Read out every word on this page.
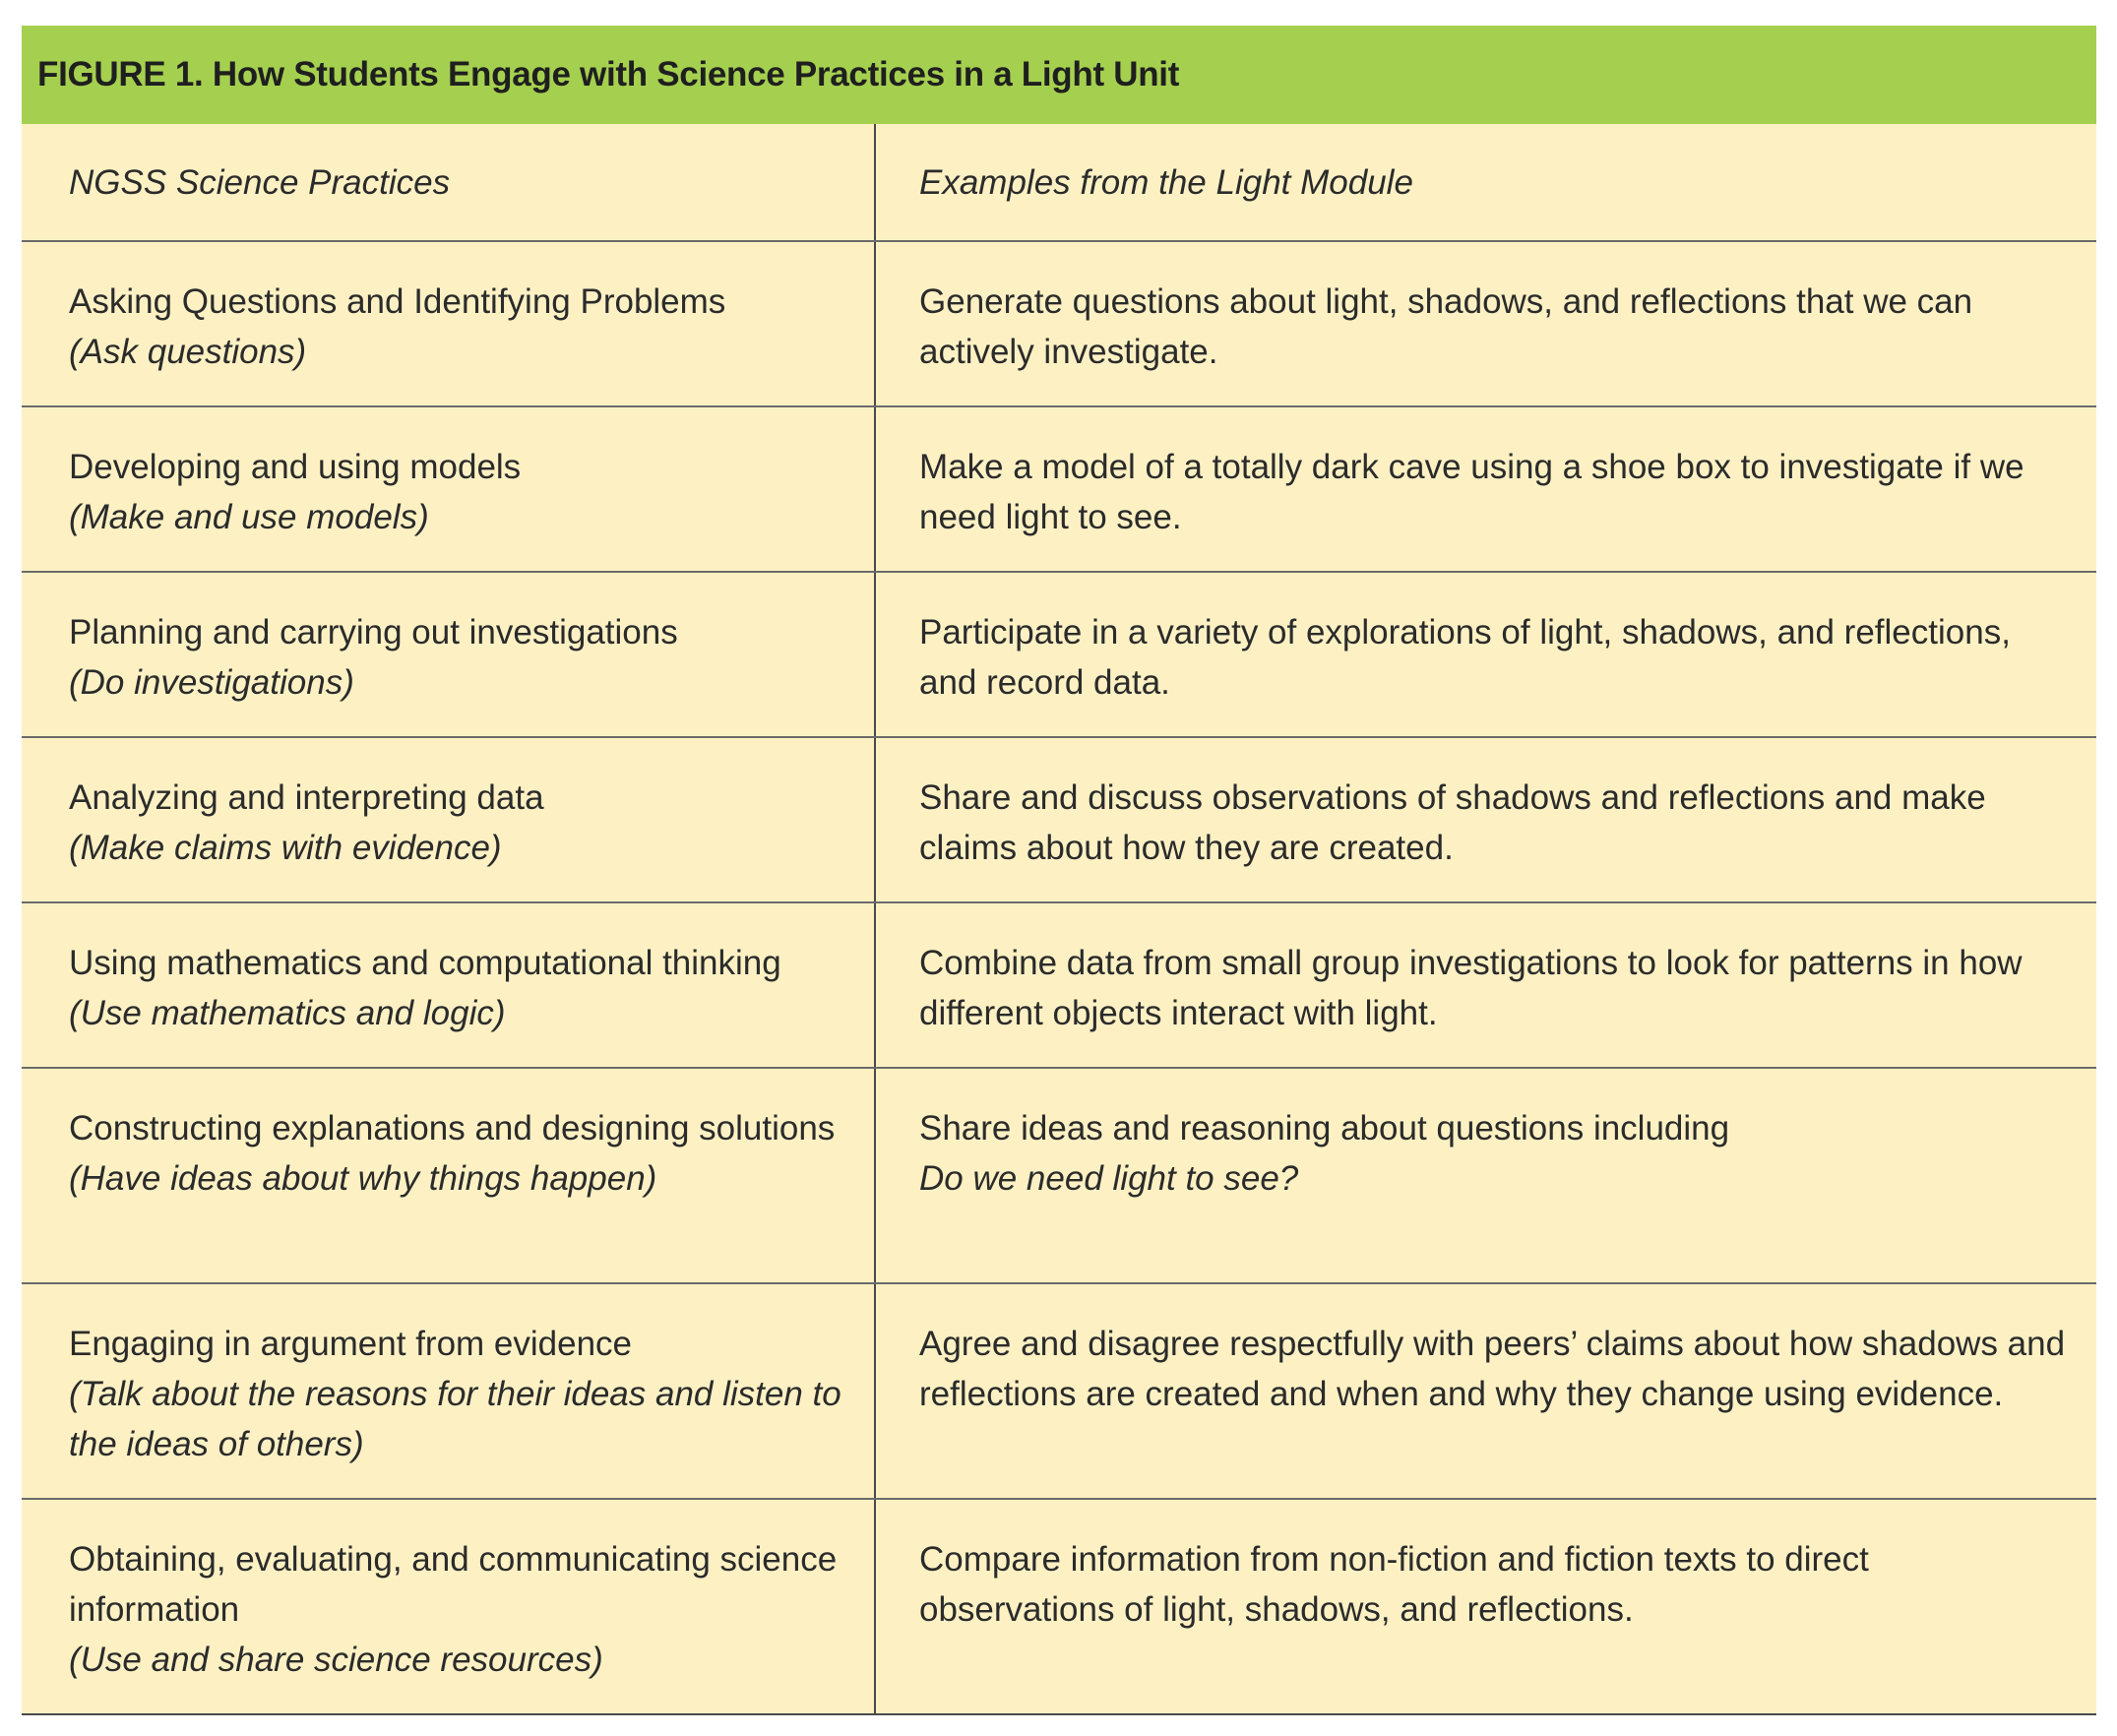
FIGURE 1. How Students Engage with Science Practices in a Light Unit
NGSS Science Practices	Examples from the Light Module

Asking Questions and Identifying Problems
(Ask questions)	Generate questions about light, shadows, and reflections that we can actively investigate.

Developing and using models
(Make and use models)	Make a model of a totally dark cave using a shoe box to investigate if we need light to see.

Planning and carrying out investigations
(Do investigations)	Participate in a variety of explorations of light, shadows, and reflections, and record data.

Analyzing and interpreting data
(Make claims with evidence)	Share and discuss observations of shadows and reflections and make claims about how they are created.

Using mathematics and computational thinking
(Use mathematics and logic)	Combine data from small group investigations to look for patterns in how different objects interact with light.

Constructing explanations and designing solutions
(Have ideas about why things happen)	Share ideas and reasoning about questions including
Do we need light to see?

Engaging in argument from evidence
(Talk about the reasons for their ideas and listen to the ideas of others)	Agree and disagree respectfully with peers’ claims about how shadows and reflections are created and when and why they change using evidence.

Obtaining, evaluating, and communicating science information
(Use and share science resources)	Compare information from non-fiction and fiction texts to direct observations of light, shadows, and reflections.
